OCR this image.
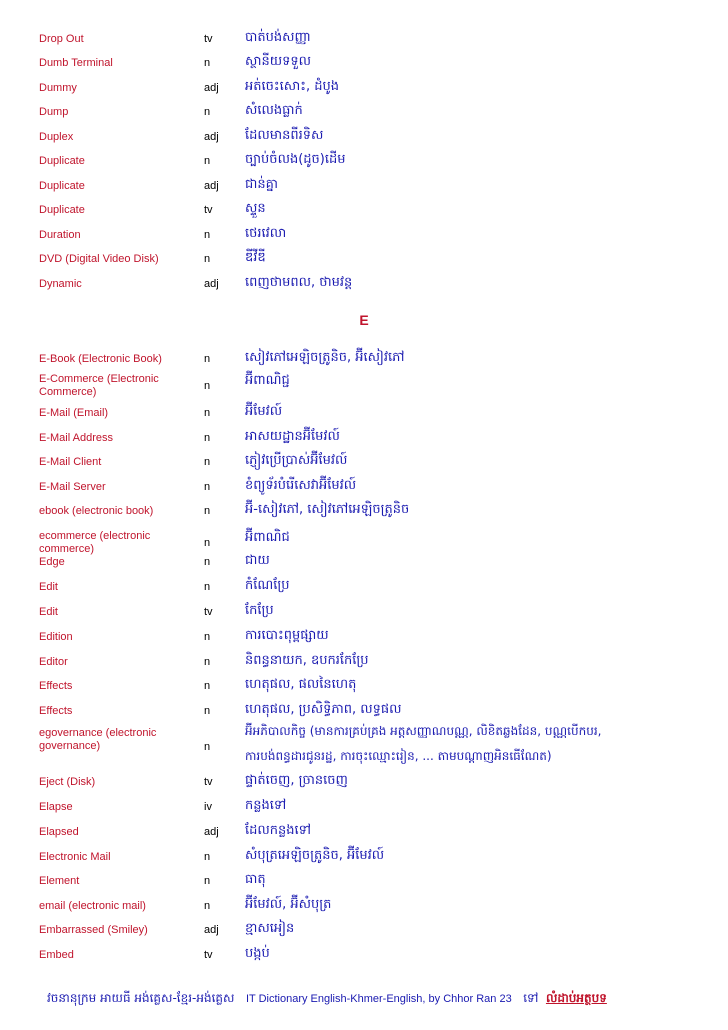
Drop Out	tv	បាត់បង់សញ្ញា
Dumb Terminal	n	ស្ថានីយទទួល
Dummy	adj	អត់ចេះសោះ, ដំបូង
Dump	n	សំលេងធ្លាក់
Duplex	adj	ដែលមានពីរទិស
Duplicate	n	ច្បាប់ចំលង(ដូច)ដើម
Duplicate	adj	ជាន់គ្នា
Duplicate	tv	ស្ទួន
Duration	n	ថេរវេលា
DVD (Digital Video Disk)	n	ឌីវីឌី
Dynamic	adj	ពេញថាមពល, ថាមវន្ត
E-Book (Electronic Book)	n	សៀវភៅអេឡិចត្រូនិច, អ៊ីសៀវភៅ
E-Commerce (Electronic Commerce)	n	អ៊ីពាណិជ្ជ
E-Mail (Email)	n	អ៊ីមែវល៍
E-Mail Address	n	អាសយដ្ឋានអ៊ីមែវល៍
E-Mail Client	n	ភ្ញៀវប្រើប្រាស់អ៊ីមែវល៍
E-Mail Server	n	ខំព្យូទ័របំរើសេវាអ៊ីមែវល៍
ebook (electronic book)	n	អ៊ី-សៀវភៅ, សៀវភៅអេឡិចត្រូនិច
ecommerce (electronic commerce)	n	អ៊ីពាណិជ
Edge	n	ជាយ
Edit	n	កំណែប្រែ
Edit	tv	កែប្រែ
Edition	n	ការបោះពុម្ពផ្សាយ
Editor	n	និពន្ធនាយក, ឧបករកែប្រែ
Effects	n	ហេតុផល, ផលនៃហេតុ
Effects	n	ហេតុផល, ប្រសិទ្ធិភាព, លទ្ធផល
egovernance (electronic governance)	n
អ៊ីអភិបាលកិច្ច (មានការគ្រប់គ្រង អត្តសញ្ញាណបណ្ណ, លិខិតឆ្លងដែន, បណ្ណបើកបរ,
ការបង់ពន្ធដារជូនរដ្ឋ, ការចុះឈ្មោះរៀន, ... តាមបណ្តាញអិនធើណែត)
Eject (Disk)	tv	ផ្ទាត់ចេញ, ច្រានចេញ
Elapse	iv	កន្លងទៅ
Elapsed	adj	ដែលកន្លងទៅ
Electronic Mail	n	សំបុត្រអេឡិចត្រូនិច, អ៊ីមែវល៍
Element	n	ធាតុ
email (electronic mail)	n	អ៊ីមែវល៍, អ៊ីសំបុត្រ
Embarrassed (Smiley)	adj	ខ្មាសអៀន
Embed	tv	បង្កប់
E
វចនានុក្រម អាយធី អង់គ្លេស-ខ្មែរ-អង់គ្លេស IT Dictionary English-Khmer-English, by Chhor Ran 23 ទៅ លំដាប់អត្ថបទ
